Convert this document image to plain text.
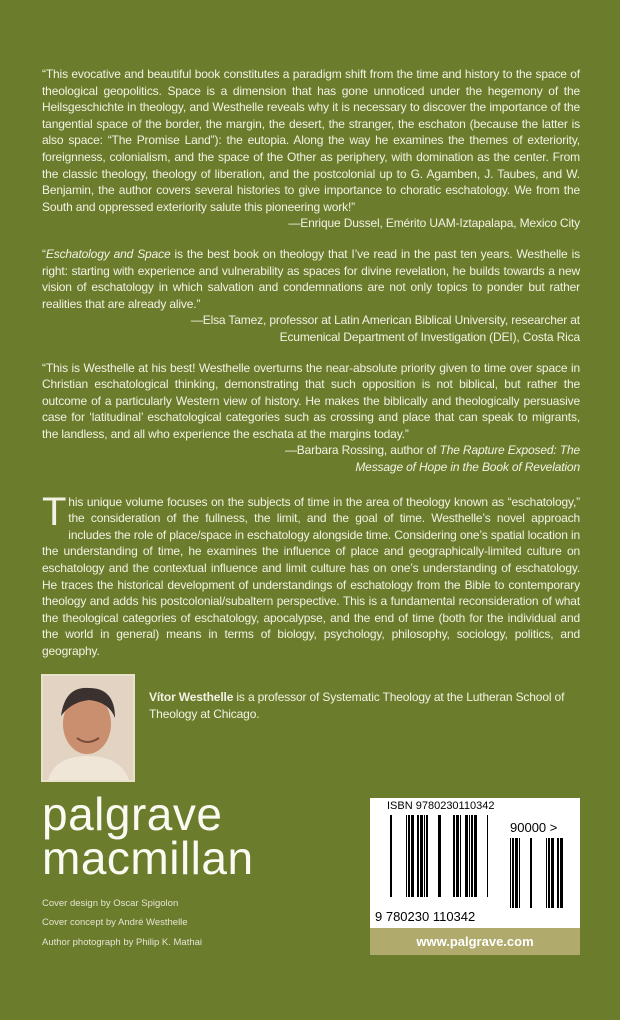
“This evocative and beautiful book constitutes a paradigm shift from the time and history to the space of theological geopolitics. Space is a dimension that has gone unnoticed under the hegemony of the Heilsgeschichte in theology, and Westhelle reveals why it is necessary to discover the importance of the tangential space of the border, the margin, the desert, the stranger, the eschaton (because the latter is also space: “The Promise Land”): the eutopia. Along the way he examines the themes of exteriority, foreignness, colonialism, and the space of the Other as periphery, with domination as the center. From the classic theology, theology of liberation, and the postcolonial up to G. Agamben, J. Taubes, and W. Benjamin, the author covers several histories to give importance to choratic eschatology. We from the South and oppressed exteriority salute this pioneering work!”
—Enrique Dussel, Emérito UAM-Iztapalapa, Mexico City
“Eschatology and Space is the best book on theology that I’ve read in the past ten years. Westhelle is right: starting with experience and vulnerability as spaces for divine revelation, he builds towards a new vision of eschatology in which salvation and condemnations are not only topics to ponder but rather realities that are already alive.”
—Elsa Tamez, professor at Latin American Biblical University, researcher at Ecumenical Department of Investigation (DEI), Costa Rica
“This is Westhelle at his best! Westhelle overturns the near-absolute priority given to time over space in Christian eschatological thinking, demonstrating that such opposition is not biblical, but rather the outcome of a particularly Western view of history. He makes the biblically and theologically persuasive case for ‘latitudinal’ eschatological categories such as crossing and place that can speak to migrants, the landless, and all who experience the eschata at the margins today.”
—Barbara Rossing, author of The Rapture Exposed: The Message of Hope in the Book of Revelation
This unique volume focuses on the subjects of time in the area of theology known as “eschatology,” the consideration of the fullness, the limit, and the goal of time. Westhelle’s novel approach includes the role of place/space in eschatology alongside time. Considering one’s spatial location in the understanding of time, he examines the influence of place and geographically-limited culture on eschatology and the contextual influence and limit culture has on one’s understanding of eschatology. He traces the historical development of understandings of eschatology from the Bible to contemporary theology and adds his postcolonial/subaltern perspective. This is a fundamental reconsideration of what the theological categories of eschatology, apocalypse, and the end of time (both for the individual and the world in general) means in terms of biology, psychology, philosophy, sociology, politics, and geography.
Vítor Westhelle is a professor of Systematic Theology at the Lutheran School of Theology at Chicago.
palgrave
macmillan
Cover design by Oscar Spigolon
Cover concept by André Westhelle
Author photograph by Philip K. Mathai
ISBN 9780230110342
90000 >
9 780230 110342
www.palgrave.com
